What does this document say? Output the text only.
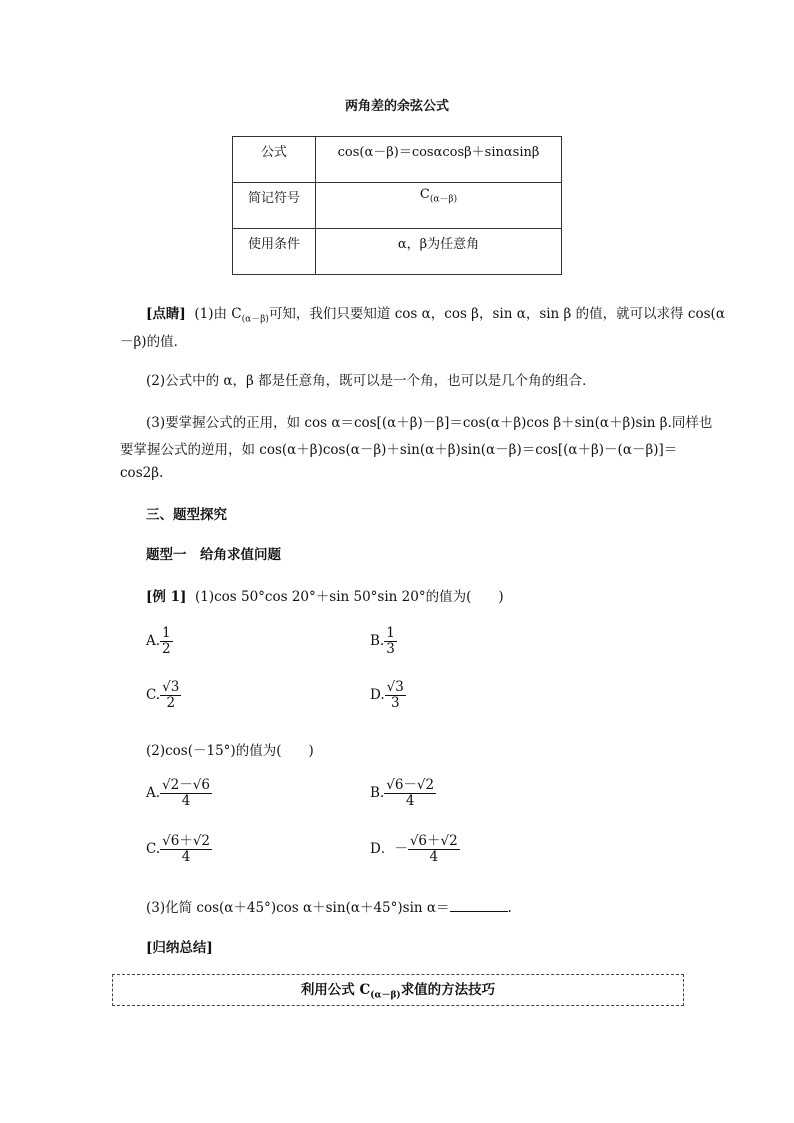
两角差的余弦公式
公式	cos(α－β)＝cosαcosβ＋sinαsinβ
简记符号	$C_{(\alpha-\beta)}$
使用条件	α，β为任意角
[点睛] (1)由 $C_{(\alpha-\beta)}$可知，我们只要知道 cos α，cos β，sin α，sin β 的值，就可以求得 cos(α
－β)的值．
(2)公式中的 α，β 都是任意角，既可以是一个角，也可以是几个角的组合．
(3)要掌握公式的正用，如 cos α＝cos[(α＋β)－β]＝cos(α＋β)cos β＋sin(α＋β)sin β.同样也
要掌握公式的逆用，如 cos(α＋β)cos(α－β)＋sin(α＋β)sin(α－β)＝cos[(α＋β)－(α－β)]＝
cos2β.
三、题型探究
题型一　给角求值问题
[例 1] (1)cos 50°cos 20°＋sin 50°sin 20°的值为(　　)
A. $\frac{1}{2}$	B. $\frac{1}{3}$
C. $\frac{√3}{2}$	D. $\frac{√3}{3}$
(2)cos(－15°)的值为(　　)
A. $\frac{√2-√6}{4}$	B. $\frac{√6-√2}{4}$
C. $\frac{√6+√2}{4}$	D．－ $\frac{√6+√2}{4}$
(3)化简 cos(α＋45°)cos α＋sin(α＋45°)sin α＝	.
[归纳总结]
利用公式 $C_{(\alpha-\beta)}$求值的方法技巧
